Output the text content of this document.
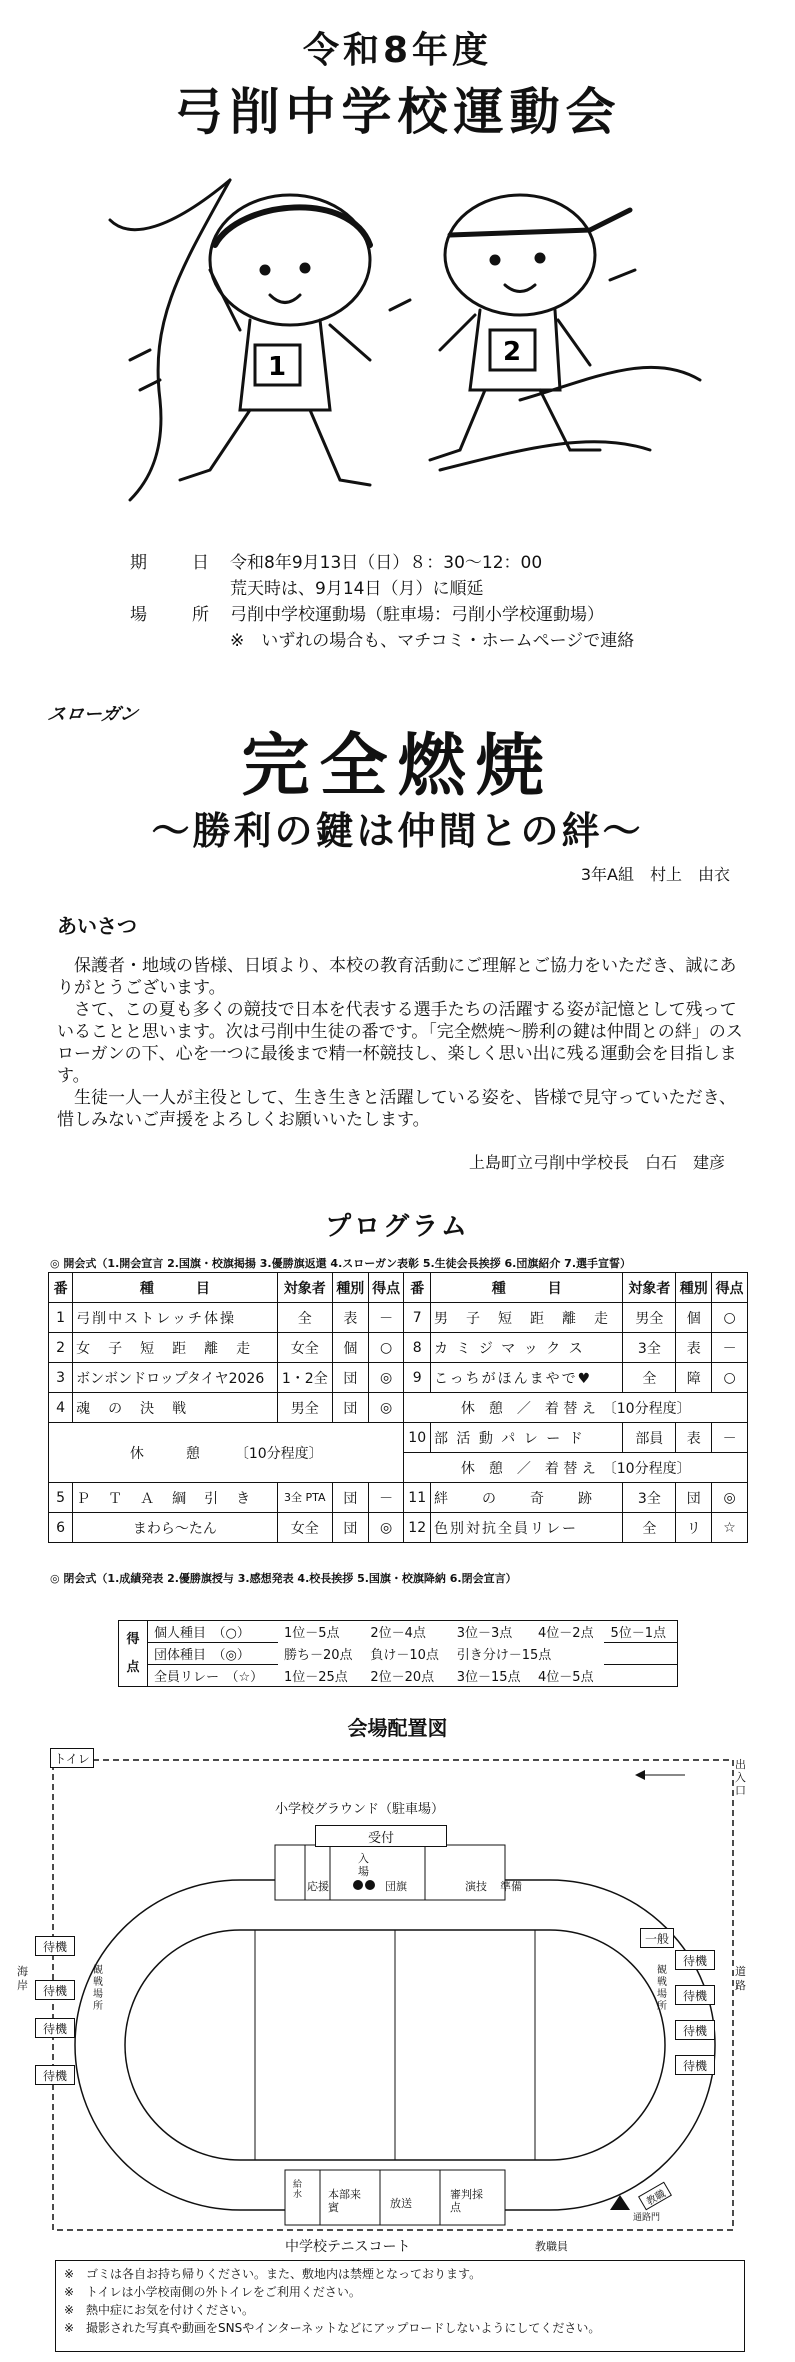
令和8年度
弓削中学校運動会
1	2
期　日 令和8年9月13日（日）８：30～12：00
荒天時は、9月14日（月）に順延
場　所 弓削中学校運動場（駐車場：弓削小学校運動場）
※　いずれの場合も、マチコミ・ホームページで連絡
スローガン
完全燃焼
～勝利の鍵は仲間との絆～
3年A組　村上　由衣
あいさつ

保護者・地域の皆様、日頃より、本校の教育活動にご理解とご協力をいただき、誠にありがとうございます。

さて、この夏も多くの競技で日本を代表する選手たちの活躍する姿が記憶として残っていることと思います。次は弓削中生徒の番です。「完全燃焼～勝利の鍵は仲間との絆」のスローガンの下、心を一つに最後まで精一杯競技し、楽しく思い出に残る運動会を目指します。

生徒一人一人が主役として、生き生きと活躍している姿を、皆様で見守っていただき、惜しみないご声援をよろしくお願いいたします。

上島町立弓削中学校長　白石　建彦
プログラム
◎ 開会式（1.開会宣言 2.国旗・校旗掲揚 3.優勝旗返還 4.スローガン表彰 5.生徒会長挨拶 6.団旗紹介 7.選手宣誓）
番	種　　　目	対象者	種別	得点	番	種　　　目	対象者	種別	得点
1	弓削中ストレッチ体操	全	表	－	7	男　子　短　距　離　走	男全	個	○
2	女　子　短　距　離　走	女全	個	○	8	カ ミ ジ マ ッ ク ス	3全	表	－
3	ボンボンドロップタイヤ2026	1・2全	団	◎	9	こっちがほんまやで♥	全	障	○
4	魂　の　決　戦	男全	団	◎	休　憩　／　着 替 え　〔10分程度〕				
休　　　憩　　　〔10分程度〕					10	部 活 動 パ レ ー ド	部員	表	－
					休　憩　／　着 替 え　〔10分程度〕				
5	Ｐ　Ｔ　Ａ　綱　引　き	3全 PTA	団	－	11	絆　　の　　奇　　跡	3全	団	◎
6	まわら～たん	女全	団	◎	12	色別対抗全員リレー	全	リ	☆
◎ 閉会式（1.成績発表 2.優勝旗授与 3.感想発表 4.校長挨拶 5.国旗・校旗降納 6.閉会宣言）
得点	個人種目　（○）	1位－5点	2位－4点	3位－3点	4位－2点	5位－1点
	団体種目　（◎）	勝ち－20点	負け－10点	引き分け－15点		
	全員リレー　（☆）	1位－25点	2位－20点	3位－15点	4位－5点	
会場配置図
トイレ
小学校グラウンド（駐車場）
受付
出入口
入場
応援	団旗	演技 準備
一般
待機
待機
待機
待機
待機
待機
待機
待機
海岸
道路
観戦場所
観戦場所
本部来賓	放送
審判採点
給水
通路門
教職
教職員
中学校テニスコート
※　ゴミは各自お持ち帰りください。また、敷地内は禁煙となっております。
※　トイレは小学校南側の外トイレをご利用ください。
※　熱中症にお気を付けください。
※　撮影された写真や動画をSNSやインターネットなどにアップロードしないようにしてください。
